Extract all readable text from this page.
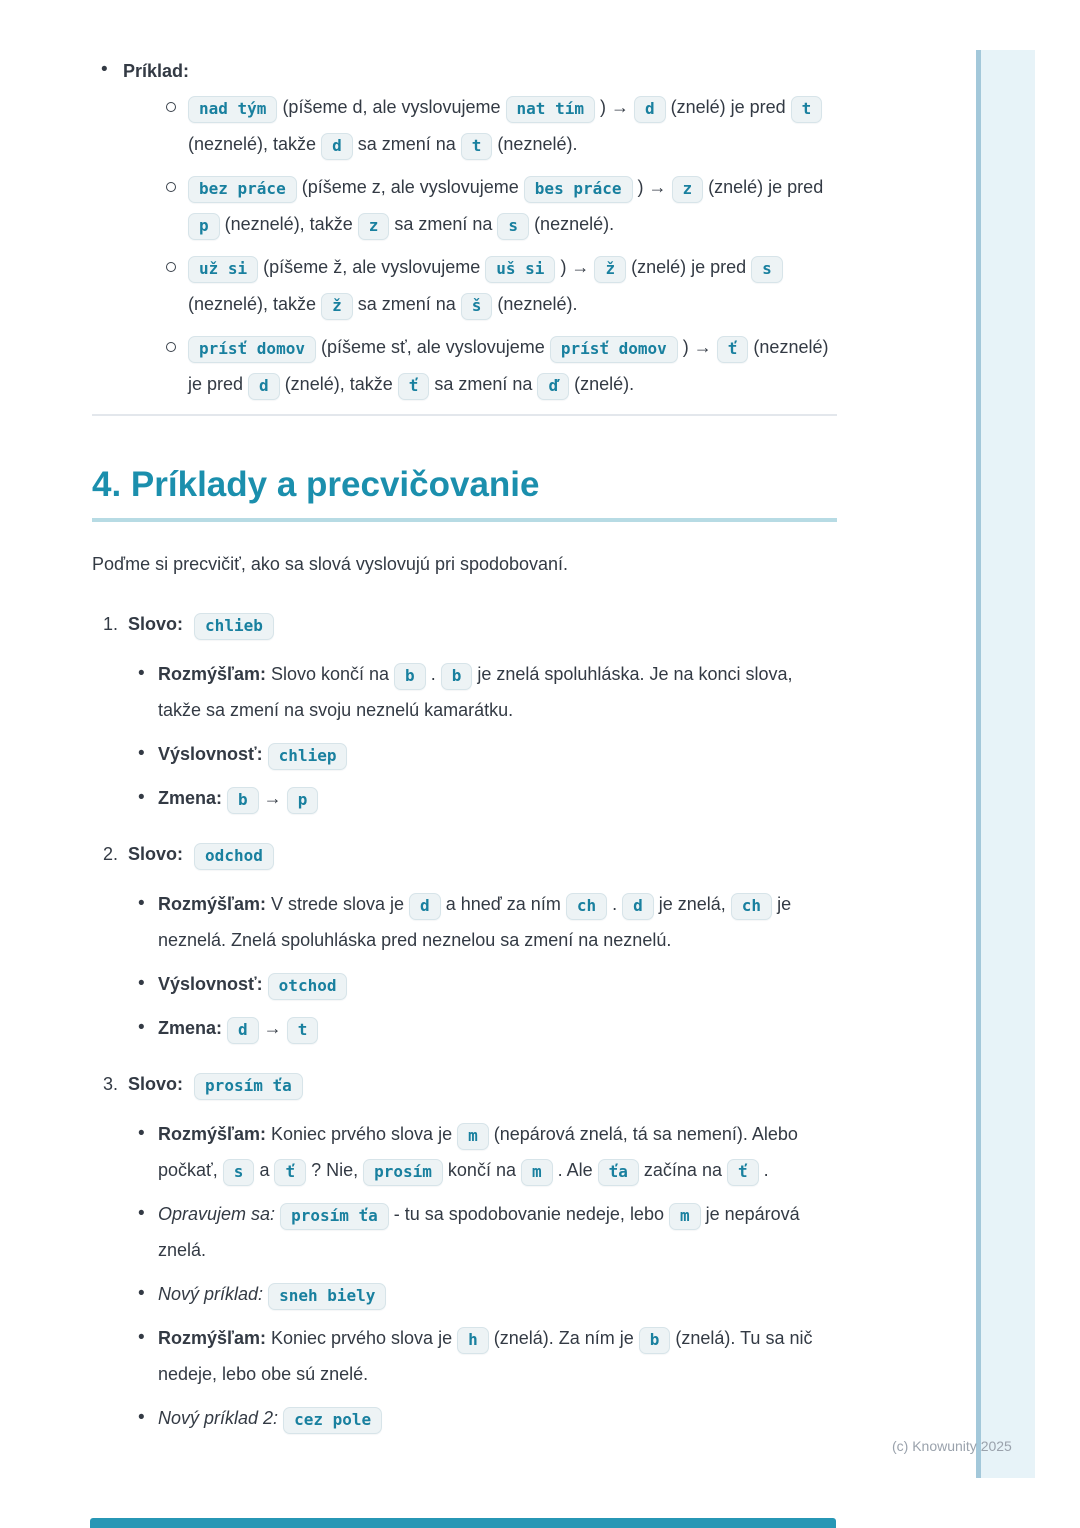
(c) Knowunity 2025
• Príklad:
nad tým (píšeme d, ale vyslovujeme nat tím ) → d (znelé) je pred t (neznelé), takže d sa zmení na t (neznelé).
bez práce (píšeme z, ale vyslovujeme bes práce ) → z (znelé) je pred p (neznelé), takže z sa zmení na s (neznelé).
už si (píšeme ž, ale vyslovujeme uš si ) → ž (znelé) je pred s (neznelé), takže ž sa zmení na š (neznelé).
prísť domov (píšeme sť, ale vyslovujeme prísť domov ) → ť (neznelé) je pred d (znelé), takže ť sa zmení na ď (znelé).
4. Príklady a precvičovanie

Poďme si precvičiť, ako sa slová vyslovujú pri spodobovaní.

1. Slovo: chlieb
• Rozmýšľam: Slovo končí na b . b je znelá spoluhláska. Je na konci slova, takže sa zmení na svoju neznelú kamarátku.
• Výslovnosť: chliep
• Zmena: b → p
2. Slovo: odchod
• Rozmýšľam: V strede slova je d a hneď za ním ch . d je znelá, ch je neznelá. Znelá spoluhláska pred neznelou sa zmení na neznelú.
• Výslovnosť: otchod
• Zmena: d → t
3. Slovo: prosím ťa
• Rozmýšľam: Koniec prvého slova je m (nepárová znelá, tá sa nemení). Alebo počkať, s a ť ? Nie, prosím končí na m . Ale ťa začína na ť .
• Opravujem sa: prosím ťa - tu sa spodobovanie nedeje, lebo m je nepárová znelá.
• Nový príklad: sneh biely
• Rozmýšľam: Koniec prvého slova je h (znelá). Za ním je b (znelá). Tu sa nič nedeje, lebo obe sú znelé.
• Nový príklad 2: cez pole
